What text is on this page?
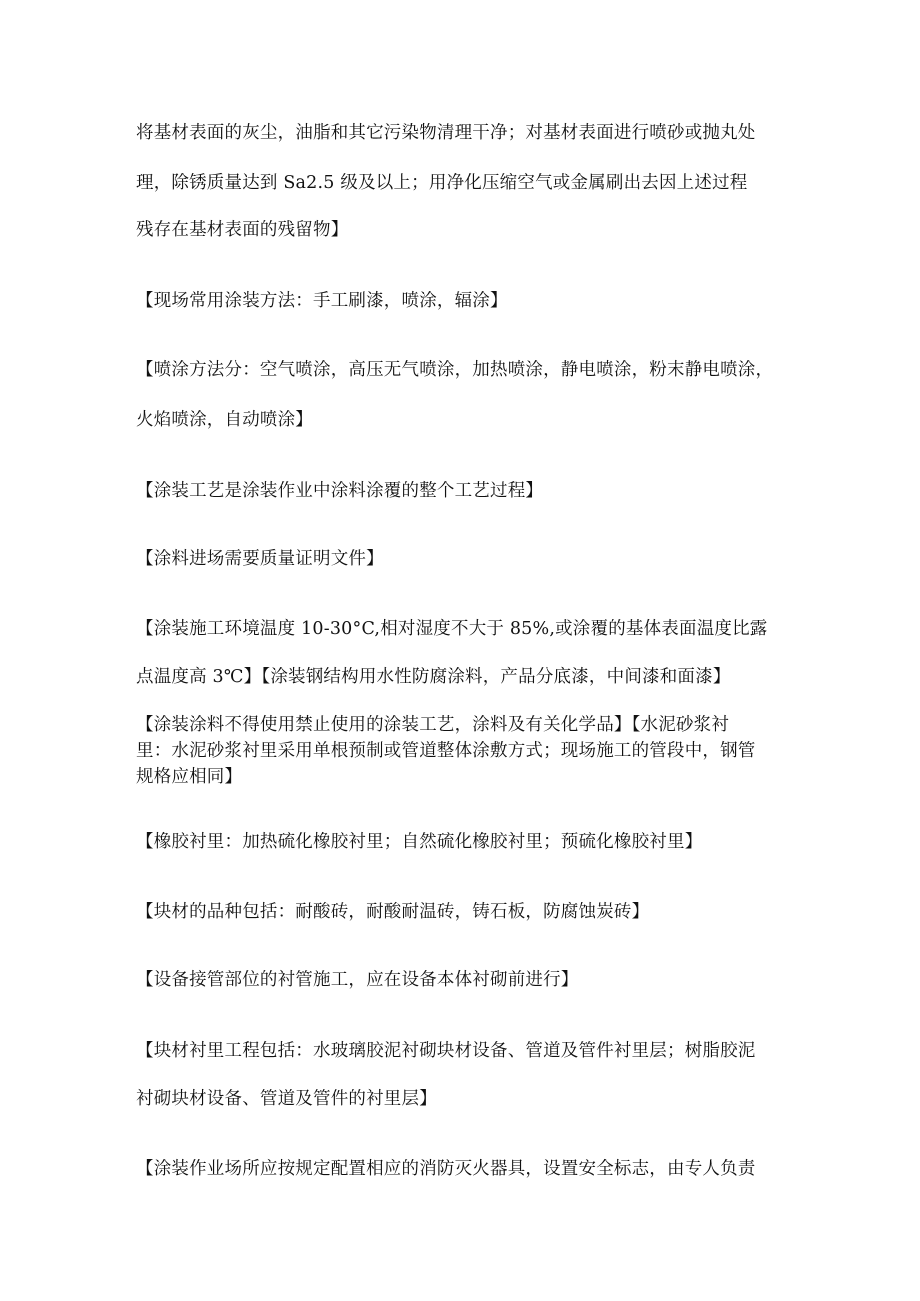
将基材表面的灰尘，油脂和其它污染物清理干净；对基材表面进行喷砂或抛丸处

理，除锈质量达到 Sa2.5 级及以上；用净化压缩空气或金属刷出去因上述过程

残存在基材表面的残留物】

【现场常用涂装方法：手工刷漆，喷涂，辐涂】

【喷涂方法分：空气喷涂，高压无气喷涂，加热喷涂，静电喷涂，粉末静电喷涂，

火焰喷涂，自动喷涂】

【涂装工艺是涂装作业中涂料涂覆的整个工艺过程】

【涂料进场需要质量证明文件】

【涂装施工环境温度 10-30°C,相对湿度不大于 85%,或涂覆的基体表面温度比露

点温度高 3℃】【涂装钢结构用水性防腐涂料，产品分底漆，中间漆和面漆】

【涂装涂料不得使用禁止使用的涂装工艺，涂料及有关化学品】【水泥砂浆衬

里：水泥砂浆衬里采用单根预制或管道整体涂敷方式；现场施工的管段中，钢管

规格应相同】

【橡胶衬里：加热硫化橡胶衬里；自然硫化橡胶衬里；预硫化橡胶衬里】

【块材的品种包括：耐酸砖，耐酸耐温砖，铸石板，防腐蚀炭砖】

【设备接管部位的衬管施工，应在设备本体衬砌前进行】

【块材衬里工程包括：水玻璃胶泥衬砌块材设备、管道及管件衬里层；树脂胶泥

衬砌块材设备、管道及管件的衬里层】

【涂装作业场所应按规定配置相应的消防灭火器具，设置安全标志，由专人负责
